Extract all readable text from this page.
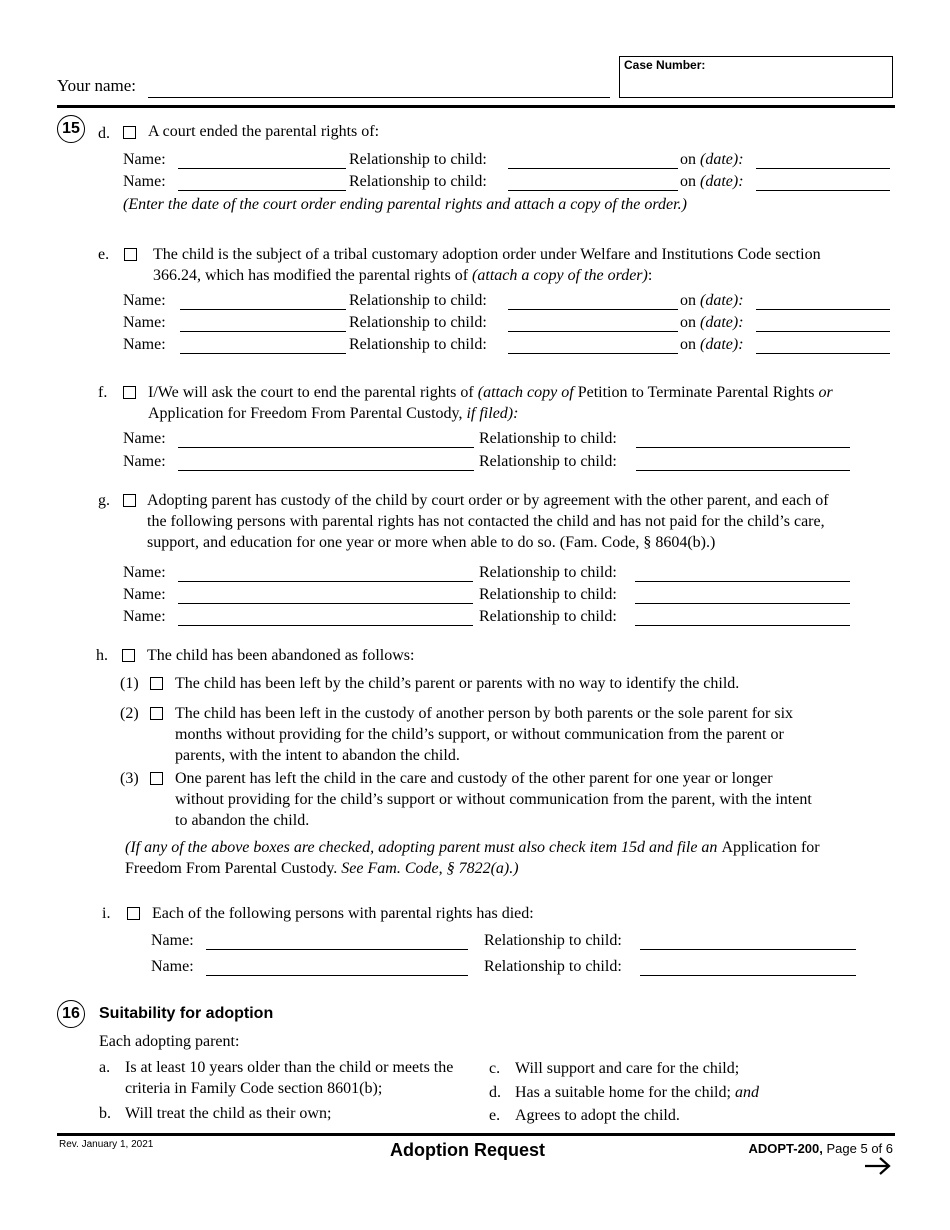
Your name:
Case Number:
15	d. A court ended the parental rights of:
Name:	Relationship to child:	on (date):
Name:	Relationship to child:	on (date):
(Enter the date of the court order ending parental rights and attach a copy of the order.)
e.	The child is the subject of a tribal customary adoption order under Welfare and Institutions Code section
366.24, which has modified the parental rights of (attach a copy of the order):
Name:	Relationship to child:	on (date):
Name:	Relationship to child:	on (date):
Name:	Relationship to child:	on (date):
f.	I/We will ask the court to end the parental rights of (attach copy of Petition to Terminate Parental Rights or
Application for Freedom From Parental Custody, if filed):
Name:	Relationship to child:
Name:	Relationship to child:
g. Adopting parent has custody of the child by court order or by agreement with the other parent, and each of
the following persons with parental rights has not contacted the child and has not paid for the child’s care,
support, and education for one year or more when able to do so. (Fam. Code, § 8604(b).)
Name:	Relationship to child:
Name:	Relationship to child:
Name:	Relationship to child:
h. The child has been abandoned as follows:
(1) The child has been left by the child’s parent or parents with no way to identify the child.
(2) The child has been left in the custody of another person by both parents or the sole parent for six
months without providing for the child’s support, or without communication from the parent or
parents, with the intent to abandon the child.
(3) One parent has left the child in the care and custody of the other parent for one year or longer
without providing for the child’s support or without communication from the parent, with the intent
to abandon the child.
(If any of the above boxes are checked, adopting parent must also check item 15d and file an Application for
Freedom From Parental Custody. See Fam. Code, § 7822(a).)
i.	Each of the following persons with parental rights has died:
Name:	Relationship to child:
Name:	Relationship to child:
16	Suitability for adoption
Each adopting parent:
a. Is at least 10 years older than the child or meets the
criteria in Family Code section 8601(b);
b. Will treat the child as their own;
c. Will support and care for the child;
d. Has a suitable home for the child; and
e. Agrees to adopt the child.
Rev. January 1, 2021	Adoption Request	ADOPT-200, Page 5 of 6
